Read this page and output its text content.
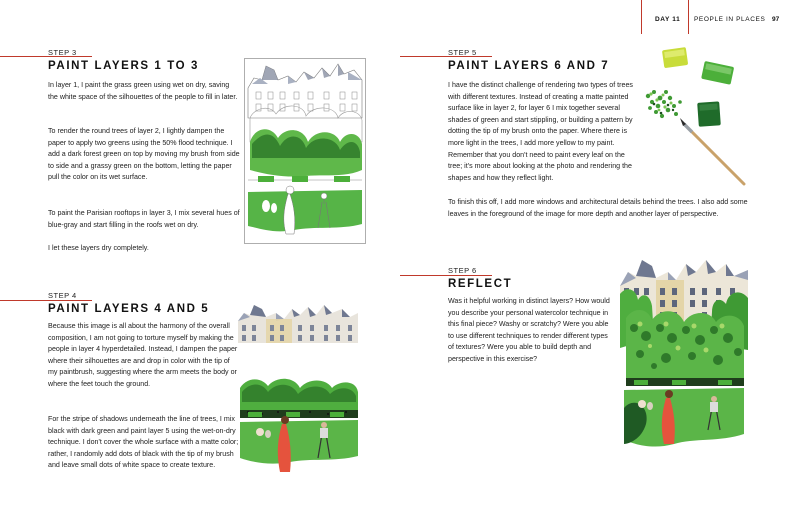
DAY 11 PEOPLE IN PLACES 97
STEP 3
PAINT LAYERS 1 TO 3

In layer 1, I paint the grass green using wet on dry, saving the white space of the silhouettes of the people to fill in later.

To render the round trees of layer 2, I lightly dampen the paper to apply two greens using the 50% flood technique. I add a dark forest green on top by moving my brush from side to side and a grassy green on the bottom, letting the paper pull the color on its wet surface.

To paint the Parisian rooftops in layer 3, I mix several hues of blue-gray and start filling in the roofs wet on dry.

I let these layers dry completely.

STEP 4
PAINT LAYERS 4 AND 5

Because this image is all about the harmony of the overall composition, I am not going to torture myself by making the people in layer 4 hyperdetailed. Instead, I dampen the paper where their silhouettes are and drop in color with the tip of my paintbrush, suggesting where the arm meets the body or where the feet touch the ground.

For the stripe of shadows underneath the line of trees, I mix black with dark green and paint layer 5 using the wet-on-dry technique. I don't cover the whole surface with a matte color; rather, I randomly add dots of black with the tip of my brush and leave small dots of white space to create texture.

STEP 5
PAINT LAYERS 6 AND 7

I have the distinct challenge of rendering two types of trees with different textures. Instead of creating a matte painted surface like in layer 2, for layer 6 I mix together several shades of green and start stippling, or building a pattern by dotting the tip of my brush onto the paper. Where there is more light in the trees, I add more yellow to my paint. Remember that you don't need to paint every leaf on the tree; it's more about looking at the photo and rendering the shapes and how they reflect light.

To finish this off, I add more windows and architectural details behind the trees. I also add some leaves in the foreground of the image for more depth and another layer of perspective.

STEP 6
REFLECT

Was it helpful working in distinct layers? How would you describe your personal watercolor technique in this final piece? Washy or scratchy? Were you able to use different techniques to render different types of textures? Were you able to build depth and perspective in this exercise?
